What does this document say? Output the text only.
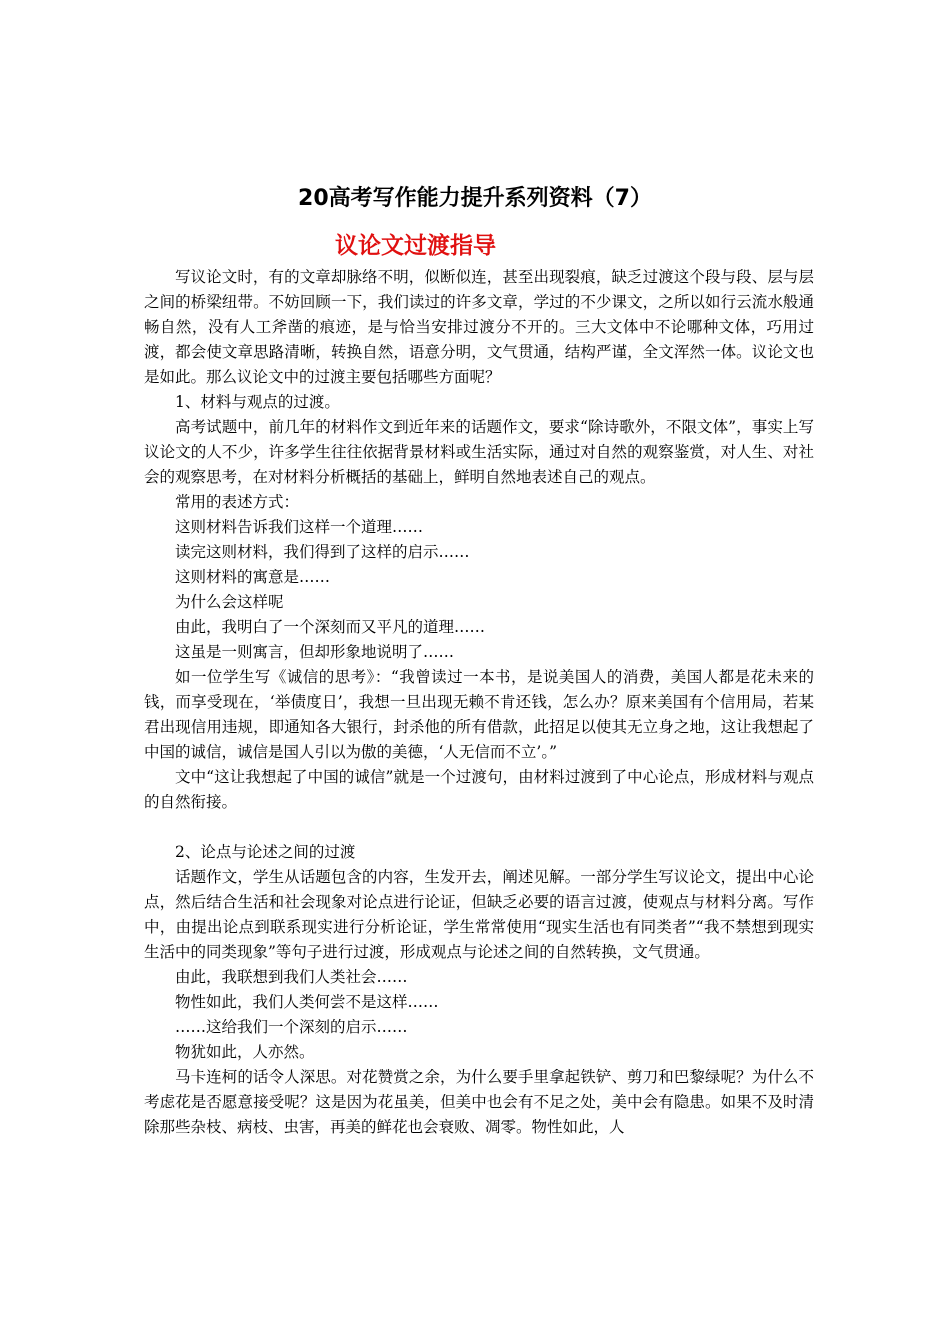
20高考写作能力提升系列资料（7）
议论文过渡指导

写议论文时，有的文章却脉络不明，似断似连，甚至出现裂痕，缺乏过渡这个段与段、层与层之间的桥梁纽带。不妨回顾一下，我们读过的许多文章，学过的不少课文，之所以如行云流水般通畅自然，没有人工斧凿的痕迹，是与恰当安排过渡分不开的。三大文体中不论哪种文体，巧用过渡，都会使文章思路清晰，转换自然，语意分明，文气贯通，结构严谨，全文浑然一体。议论文也是如此。那么议论文中的过渡主要包括哪些方面呢？

1、材料与观点的过渡。

高考试题中，前几年的材料作文到近年来的话题作文，要求“除诗歌外，不限文体”，事实上写议论文的人不少，许多学生往往依据背景材料或生活实际，通过对自然的观察鉴赏，对人生、对社会的观察思考，在对材料分析概括的基础上，鲜明自然地表述自己的观点。

常用的表述方式：

这则材料告诉我们这样一个道理……

读完这则材料，我们得到了这样的启示……

这则材料的寓意是……

为什么会这样呢

由此，我明白了一个深刻而又平凡的道理……

这虽是一则寓言，但却形象地说明了……

如一位学生写《诚信的思考》：“我曾读过一本书，是说美国人的消费，美国人都是花未来的钱，而享受现在，‘举债度日’，我想一旦出现无赖不肯还钱，怎么办？原来美国有个信用局，若某君出现信用违规，即通知各大银行，封杀他的所有借款，此招足以使其无立身之地，这让我想起了中国的诚信，诚信是国人引以为傲的美德，‘人无信而不立’。”

文中“这让我想起了中国的诚信”就是一个过渡句，由材料过渡到了中心论点，形成材料与观点的自然衔接。

2、论点与论述之间的过渡

话题作文，学生从话题包含的内容，生发开去，阐述见解。一部分学生写议论文，提出中心论点，然后结合生活和社会现象对论点进行论证，但缺乏必要的语言过渡，使观点与材料分离。写作中，由提出论点到联系现实进行分析论证，学生常常使用“现实生活也有同类者”“我不禁想到现实生活中的同类现象”等句子进行过渡，形成观点与论述之间的自然转换，文气贯通。

由此，我联想到我们人类社会……

物性如此，我们人类何尝不是这样……

……这给我们一个深刻的启示……

物犹如此，人亦然。

马卡连柯的话令人深思。对花赞赏之余，为什么要手里拿起铁铲、剪刀和巴黎绿呢？为什么不考虑花是否愿意接受呢？这是因为花虽美，但美中也会有不足之处，美中会有隐患。如果不及时清除那些杂枝、病枝、虫害，再美的鲜花也会衰败、凋零。物性如此，人
